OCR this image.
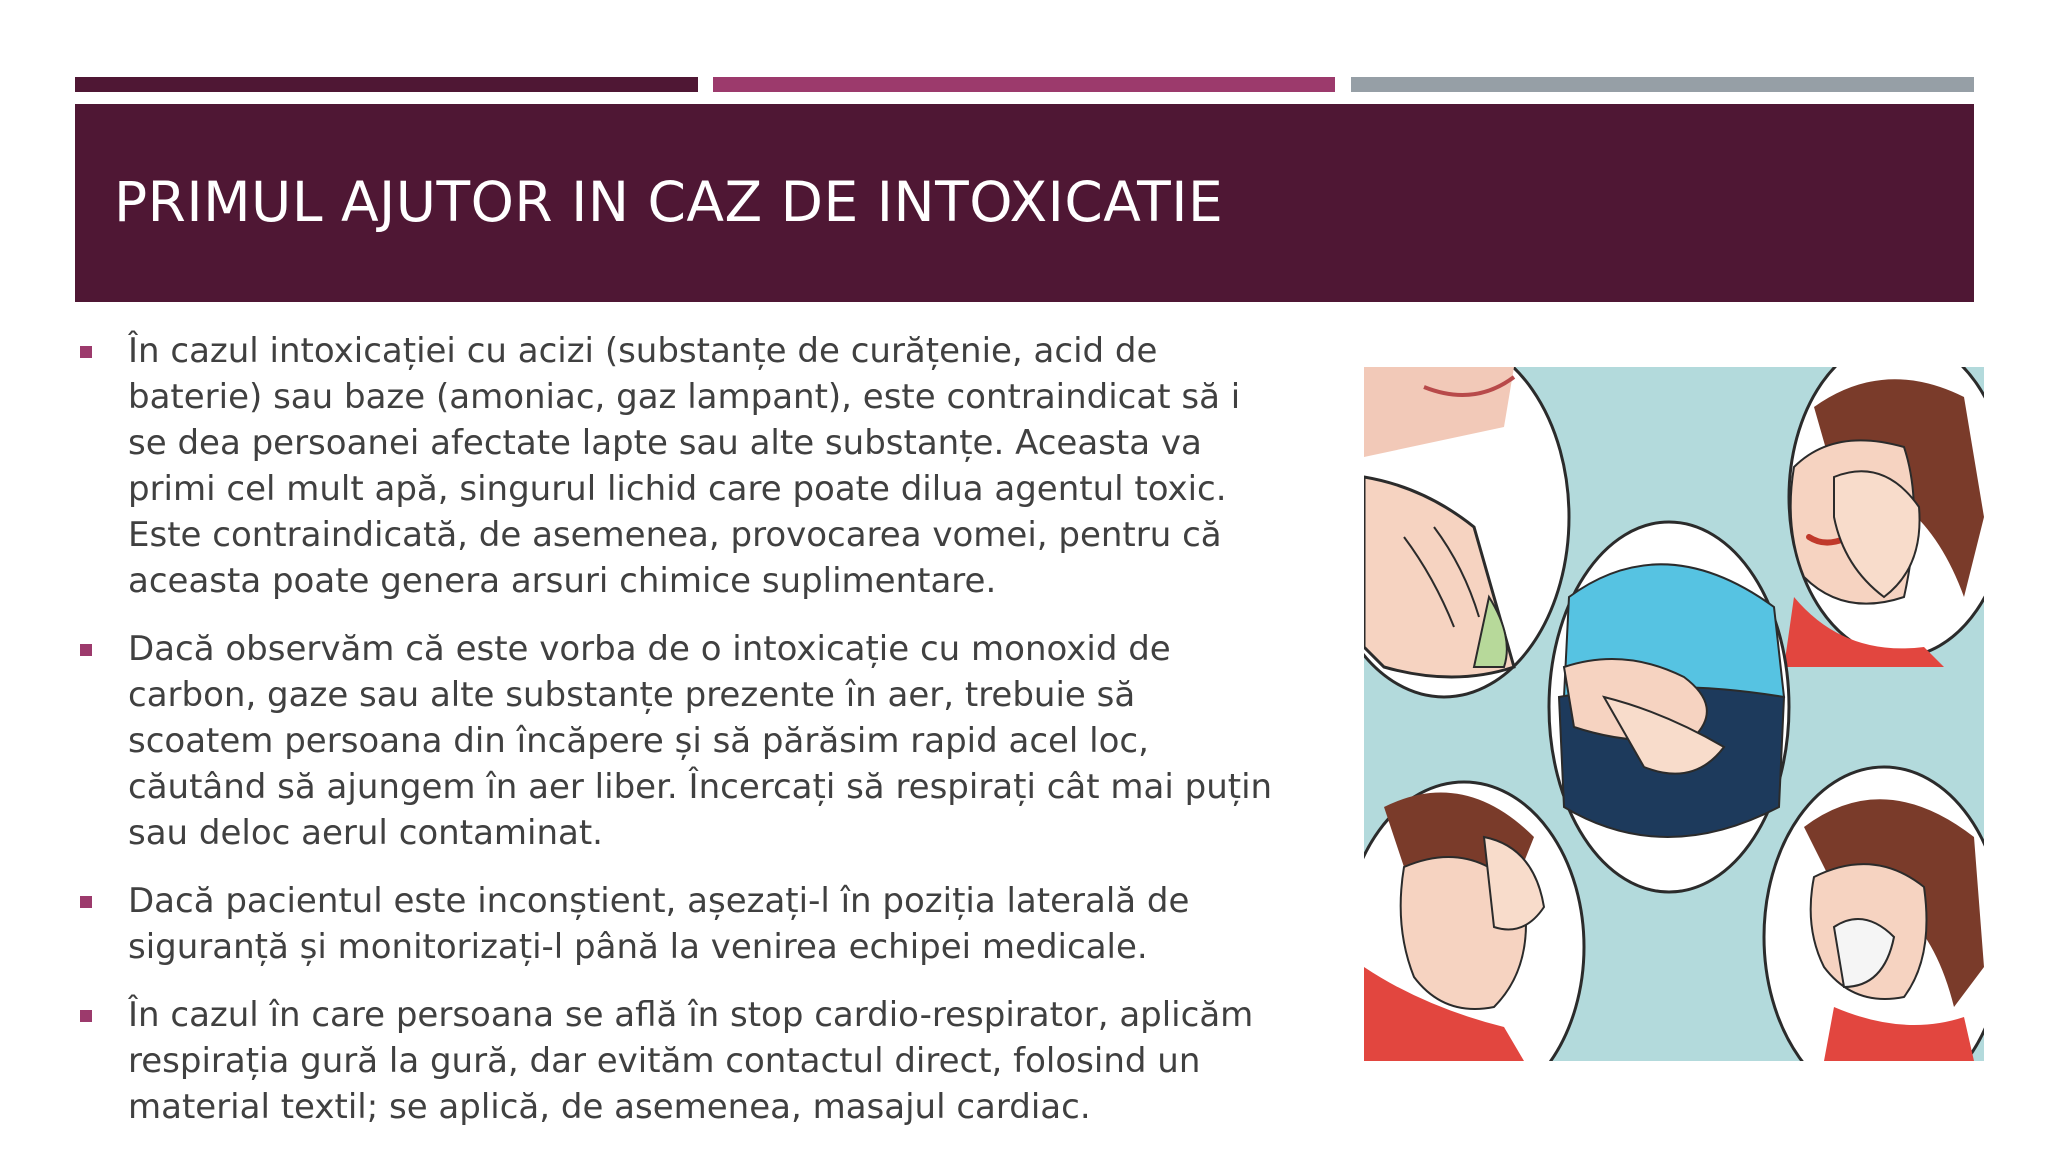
PRIMUL AJUTOR IN CAZ DE INTOXICATIE
În cazul intoxicației cu acizi (substanțe de curățenie, acid de baterie) sau baze (amoniac, gaz lampant), este contraindicat să i se dea persoanei afectate lapte sau alte substanțe. Aceasta va primi cel mult apă, singurul lichid care poate dilua agentul toxic. Este contraindicată, de asemenea, provocarea vomei, pentru că aceasta poate genera arsuri chimice suplimentare.
Dacă observăm că este vorba de o intoxicație cu monoxid de carbon, gaze sau alte substanțe prezente în aer, trebuie să scoatem persoana din încăpere și să părăsim rapid acel loc, căutând să ajungem în aer liber. Încercați să respirați cât mai puțin sau deloc aerul contaminat.
Dacă pacientul este inconștient, așezați-l în poziția laterală de siguranță și monitorizați-l până la venirea echipei medicale.
În cazul în care persoana se află în stop cardio-respirator, aplicăm respirația gură la gură, dar evităm contactul direct, folosind un material textil; se aplică, de asemenea, masajul cardiac.
